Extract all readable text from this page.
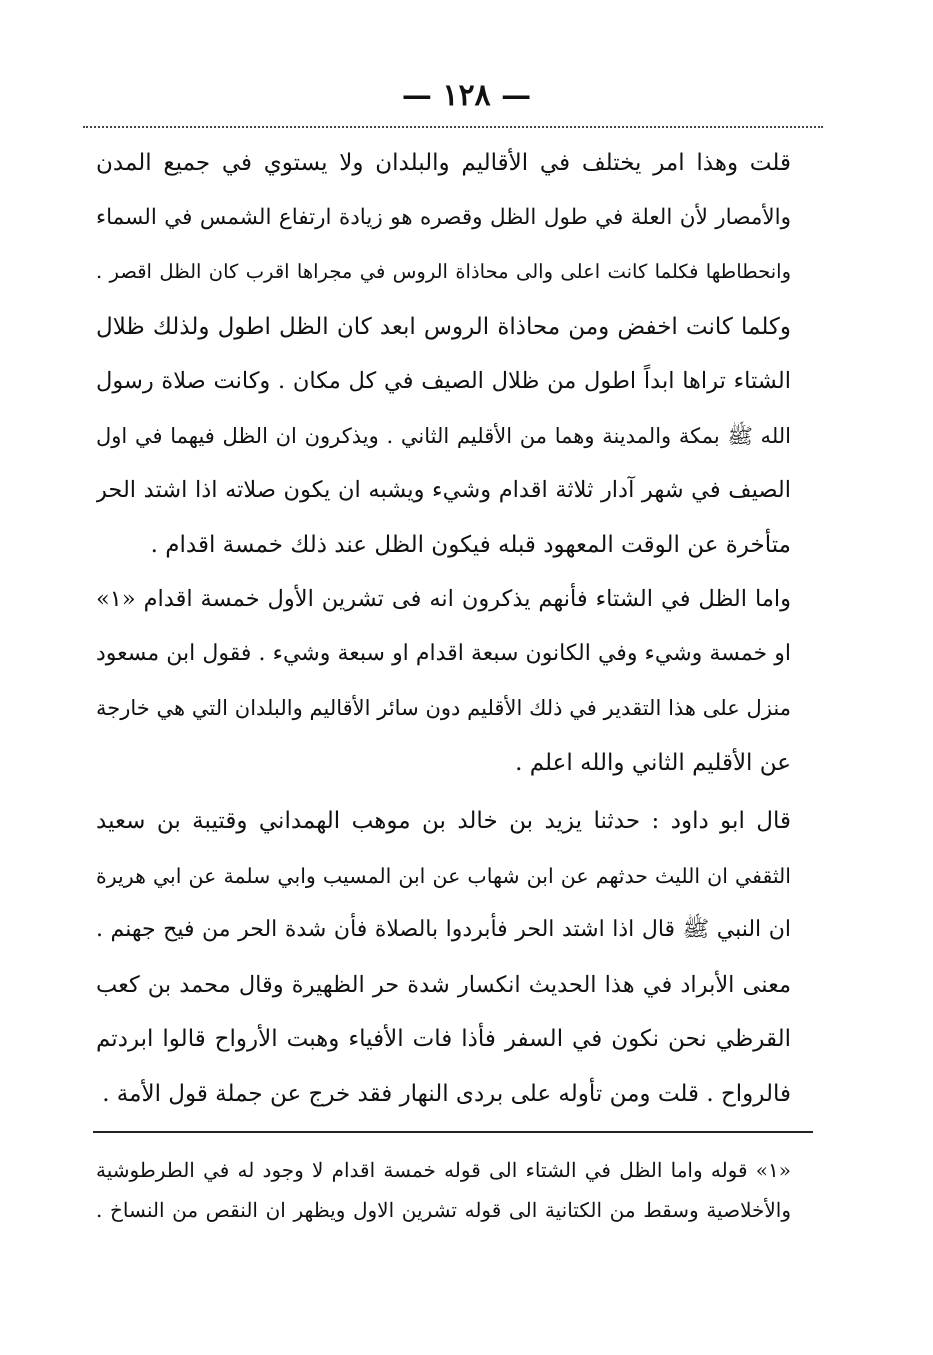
— ١٢٨ —
قلت وهذا امر يختلف في الأقاليم والبلدان ولا يستوي في جميع المدن
والأمصار لأن العلة في طول الظل وقصره هو زيادة ارتفاع الشمس في السماء
وانحطاطها فكلما كانت اعلى والى محاذاة الروس في مجراها اقرب كان الظل اقصر .
وكلما كانت اخفض ومن محاذاة الروس ابعد كان الظل اطول ولذلك ظلال
الشتاء تراها ابداً اطول من ظلال الصيف في كل مكان . وكانت صلاة رسول
الله ﷺ بمكة والمدينة وهما من الأقليم الثاني . ويذكرون ان الظل فيهما في اول
الصيف في شهر آدار ثلاثة اقدام وشيء ويشبه ان يكون صلاته اذا اشتد الحر
متأخرة عن الوقت المعهود قبله فيكون الظل عند ذلك خمسة اقدام .
واما الظل في الشتاء فأنهم يذكرون انه فى تشرين الأول خمسة اقدام «١»
او خمسة وشيء وفي الكانون سبعة اقدام او سبعة وشيء . فقول ابن مسعود
منزل على هذا التقدير في ذلك الأقليم دون سائر الأقاليم والبلدان التي هي خارجة
عن الأقليم الثاني والله اعلم .
قال ابو داود : حدثنا يزيد بن خالد بن موهب الهمداني وقتيبة بن سعيد
الثقفي ان الليث حدثهم عن ابن شهاب عن ابن المسيب وابي سلمة عن ابي هريرة
ان النبي ﷺ قال اذا اشتد الحر فأبردوا بالصلاة فأن شدة الحر من فيح جهنم .
معنى الأبراد في هذا الحديث انكسار شدة حر الظهيرة وقال محمد بن كعب
القرظي نحن نكون في السفر فأذا فات الأفياء وهبت الأرواح قالوا ابردتم
فالرواح . قلت ومن تأوله على بردى النهار فقد خرج عن جملة قول الأمة .
«١» قوله واما الظل في الشتاء الى قوله خمسة اقدام لا وجود له في الطرطوشية
والأخلاصية وسقط من الكتانية الى قوله تشرين الاول ويظهر ان النقص من النساخ .
